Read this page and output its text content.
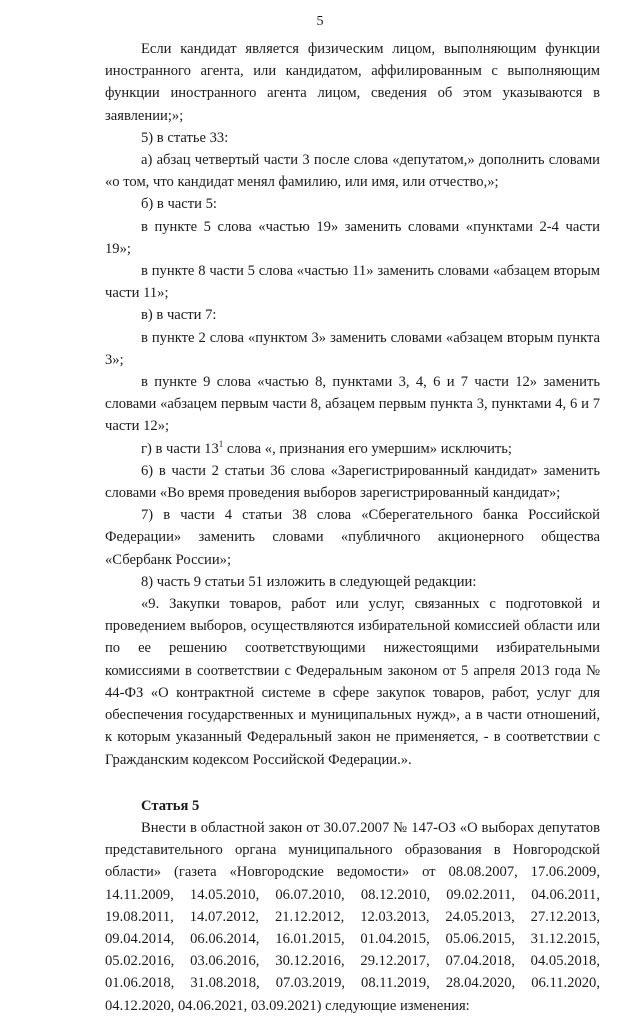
5

Если кандидат является физическим лицом, выполняющим функции иностранного агента, или кандидатом, аффилированным с выполняющим функции иностранного агента лицом, сведения об этом указываются в заявлении;»;

5) в статье 33:

а) абзац четвертый части 3 после слова «депутатом,» дополнить словами «о том, что кандидат менял фамилию, или имя, или отчество,»;

б) в части 5:

в пункте 5 слова «частью 19» заменить словами «пунктами 2-4 части 19»;

в пункте 8 части 5 слова «частью 11» заменить словами «абзацем вторым части 11»;

в) в части 7:

в пункте 2 слова «пунктом 3» заменить словами «абзацем вторым пункта 3»;

в пункте 9 слова «частью 8, пунктами 3, 4, 6 и 7 части 12» заменить словами «абзацем первым части 8, абзацем первым пункта 3, пунктами 4, 6 и 7 части 12»;

г) в части $13^1$ слова «, признания его умершим» исключить;

6) в части 2 статьи 36 слова «Зарегистрированный кандидат» заменить словами «Во время проведения выборов зарегистрированный кандидат»;

7) в части 4 статьи 38 слова «Сберегательного банка Российской Федерации» заменить словами «публичного акционерного общества «Сбербанк России»;

8) часть 9 статьи 51 изложить в следующей редакции:

«9. Закупки товаров, работ или услуг, связанных с подготовкой и проведением выборов, осуществляются избирательной комиссией области или по ее решению соответствующими нижестоящими избирательными комиссиями в соответствии с Федеральным законом от 5 апреля 2013 года № 44-ФЗ «О контрактной системе в сфере закупок товаров, работ, услуг для обеспечения государственных и муниципальных нужд», а в части отношений, к которым указанный Федеральный закон не применяется, - в соответствии с Гражданским кодексом Российской Федерации.».

Статья 5

Внести в областной закон от 30.07.2007 № 147-ОЗ «О выборах депутатов представительного органа муниципального образования в Новгородской области» (газета «Новгородские ведомости» от 08.08.2007, 17.06.2009, 14.11.2009, 14.05.2010, 06.07.2010, 08.12.2010, 09.02.2011, 04.06.2011, 19.08.2011, 14.07.2012, 21.12.2012, 12.03.2013, 24.05.2013, 27.12.2013, 09.04.2014, 06.06.2014, 16.01.2015, 01.04.2015, 05.06.2015, 31.12.2015, 05.02.2016, 03.06.2016, 30.12.2016, 29.12.2017, 07.04.2018, 04.05.2018, 01.06.2018, 31.08.2018, 07.03.2019, 08.11.2019, 28.04.2020, 06.11.2020, 04.12.2020, 04.06.2021, 03.09.2021) следующие изменения:
